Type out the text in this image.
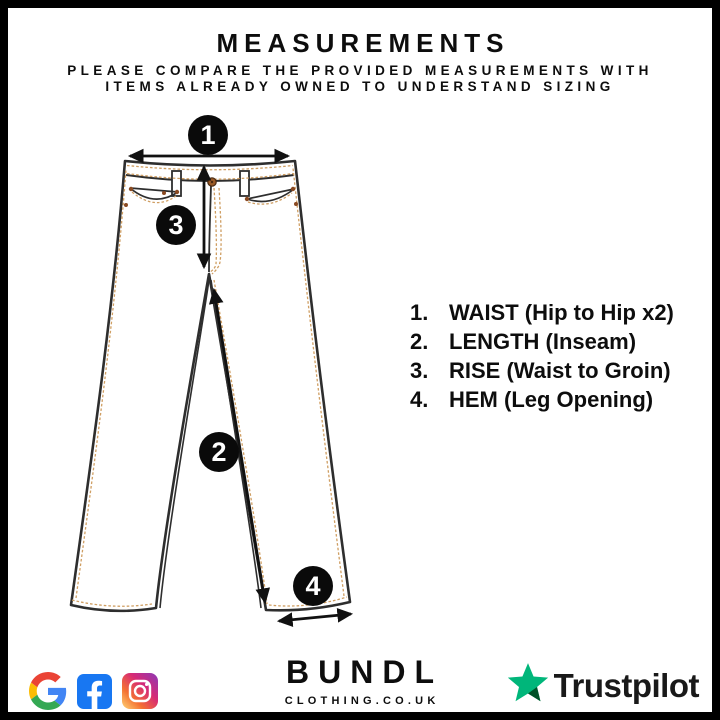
MEASUREMENTS
PLEASE COMPARE THE PROVIDED MEASUREMENTS WITH
ITEMS ALREADY OWNED TO UNDERSTAND SIZING
1
3
2
4
1. WAIST (Hip to Hip x2)
2. LENGTH (Inseam)
3. RISE (Waist to Groin)
4. HEM (Leg Opening)
BUNDL
CLOTHING.CO.UK	Trustpilot
